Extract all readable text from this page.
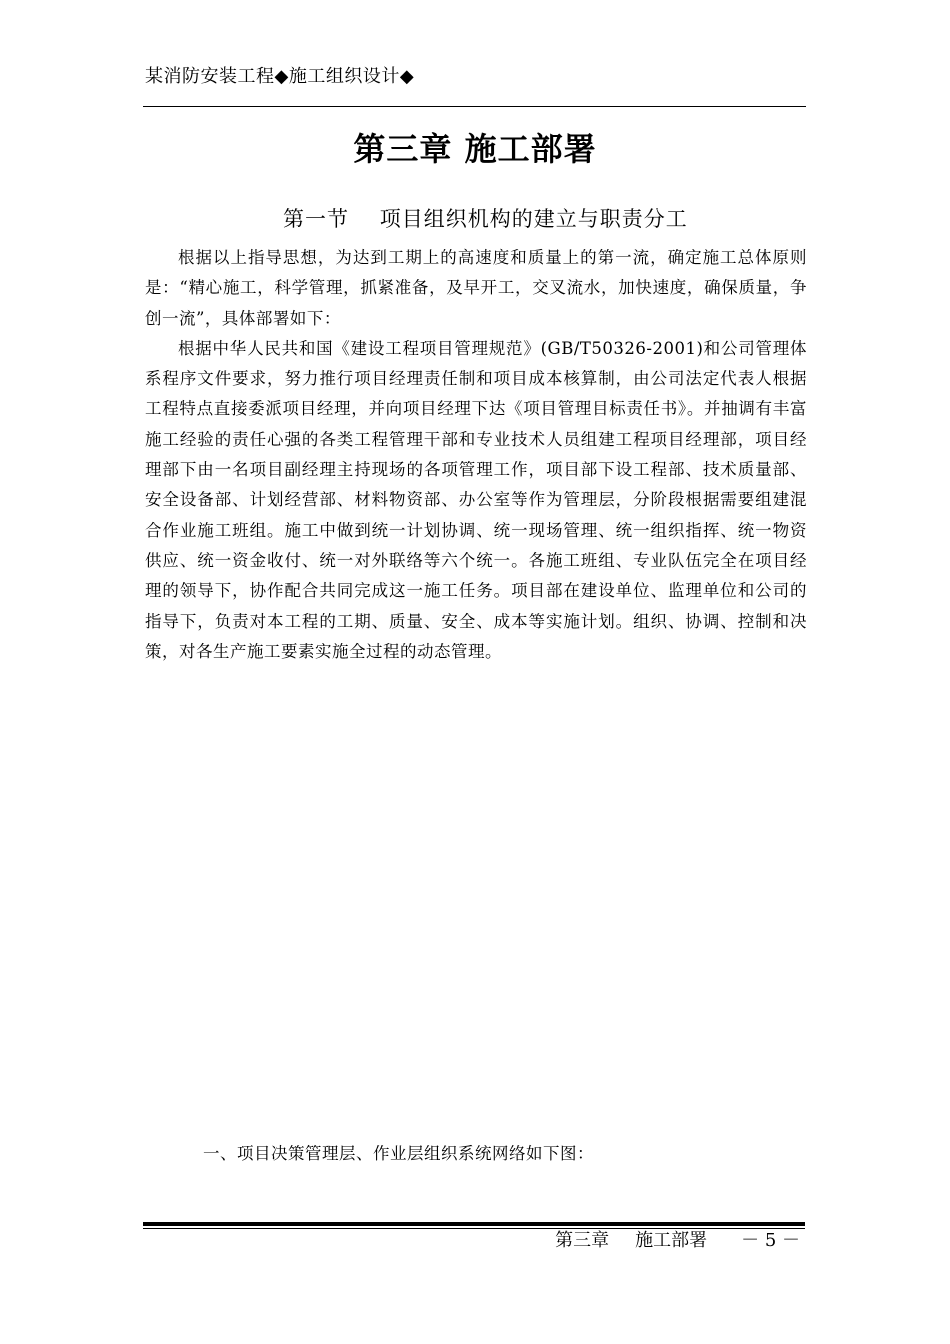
某消防安装工程◆施工组织设计◆
第三章 施工部署
第一节    项目组织机构的建立与职责分工

根据以上指导思想，为达到工期上的高速度和质量上的第一流，确定施工总体原则是：“精心施工，科学管理，抓紧准备，及早开工，交叉流水，加快速度，确保质量，争创一流”，具体部署如下：

根据中华人民共和国《建设工程项目管理规范》(GB/T50326-2001)和公司管理体系程序文件要求，努力推行项目经理责任制和项目成本核算制，由公司法定代表人根据工程特点直接委派项目经理，并向项目经理下达《项目管理目标责任书》。并抽调有丰富施工经验的责任心强的各类工程管理干部和专业技术人员组建工程项目经理部，项目经理部下由一名项目副经理主持现场的各项管理工作，项目部下设工程部、技术质量部、安全设备部、计划经营部、材料物资部、办公室等作为管理层，分阶段根据需要组建混合作业施工班组。施工中做到统一计划协调、统一现场管理、统一组织指挥、统一物资供应、统一资金收付、统一对外联络等六个统一。各施工班组、专业队伍完全在项目经理的领导下，协作配合共同完成这一施工任务。项目部在建设单位、监理单位和公司的指导下，负责对本工程的工期、质量、安全、成本等实施计划。组织、协调、控制和决策，对各生产施工要素实施全过程的动态管理。

一、项目决策管理层、作业层组织系统网络如下图：
第三章 施工部署 － 5 －
